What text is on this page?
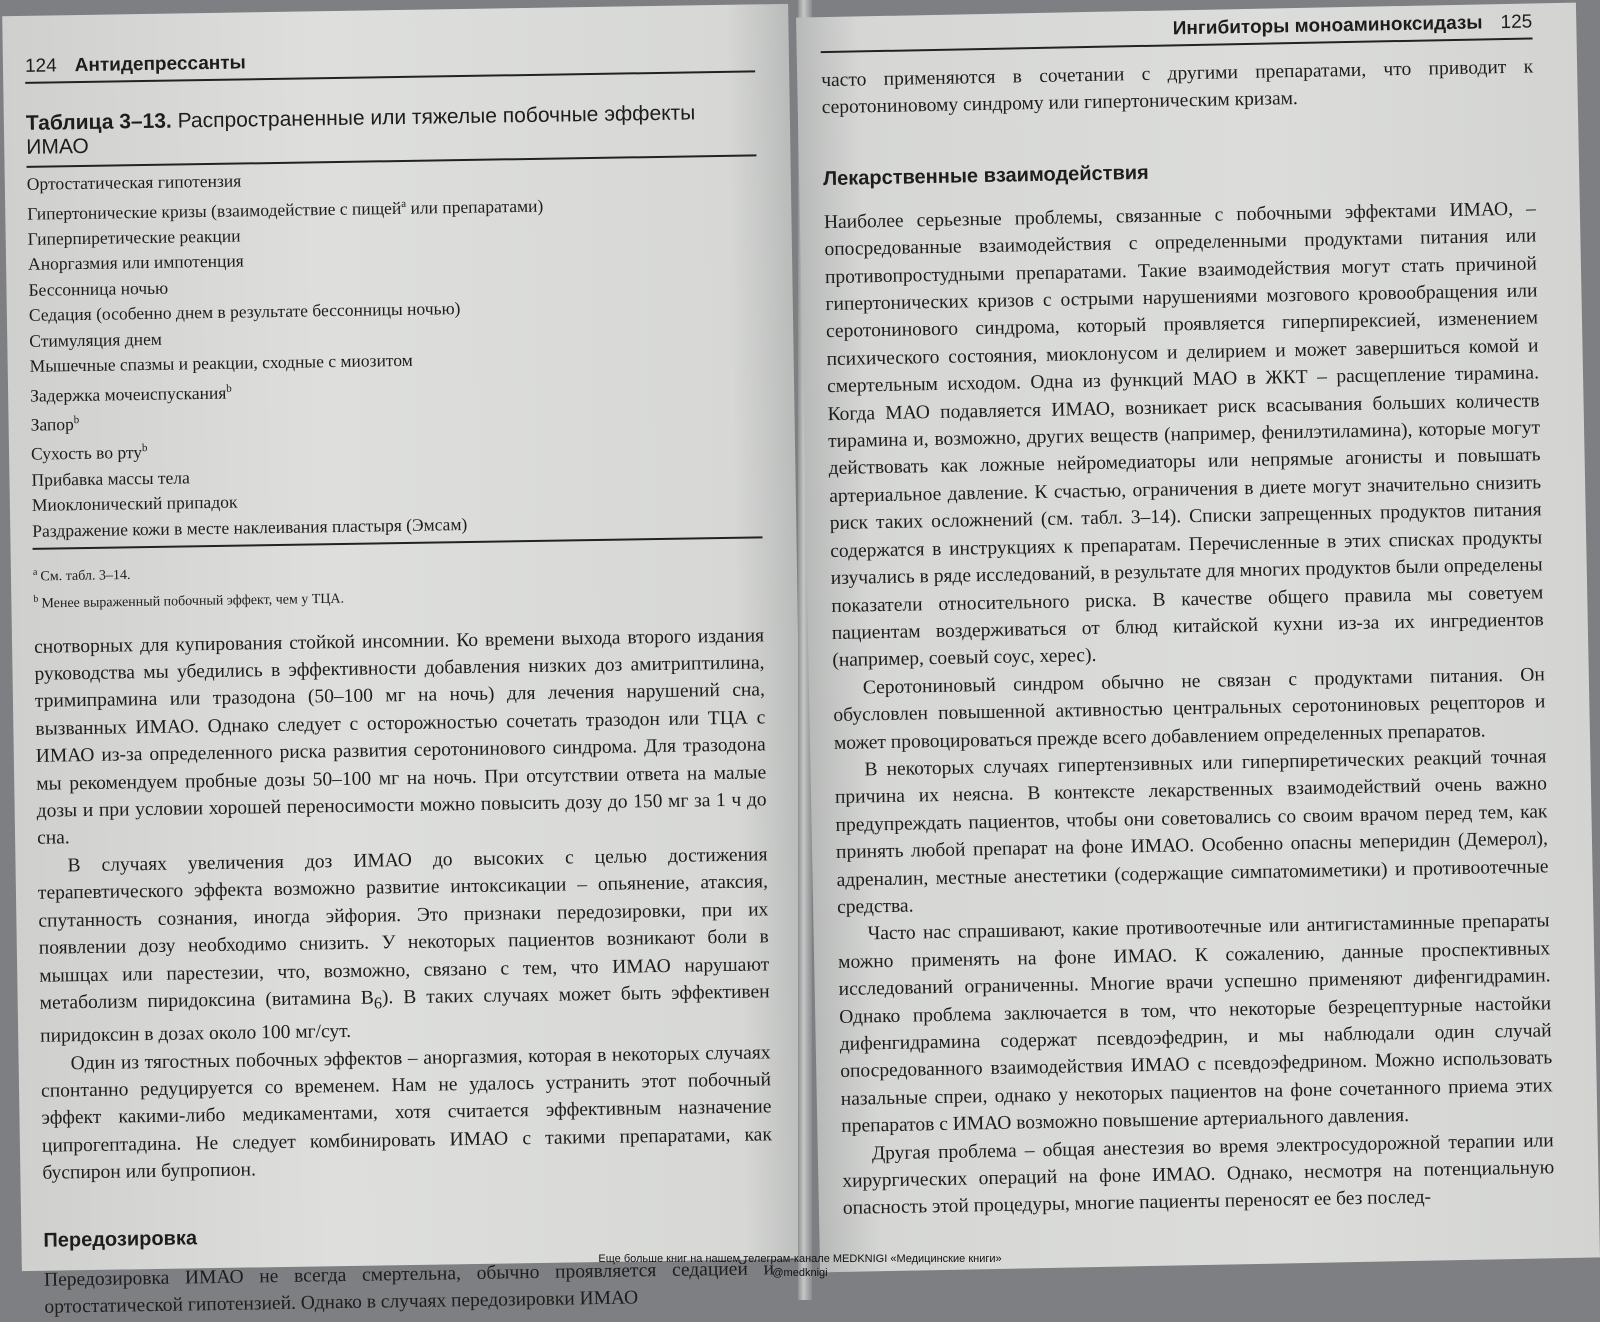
124 Антидепрессанты
Таблица 3–13. Распространенные или тяжелые побочные эффекты ИМАО
Ортостатическая гипотензия
Гипертонические кризы (взаимодействие с пищей$^a$ или препаратами)
Гиперпиретические реакции
Аноргазмия или импотенция
Бессонница ночью
Седация (особенно днем в результате бессонницы ночью)
Стимуляция днем
Мышечные спазмы и реакции, сходные с миозитом
Задержка мочеиспускания$^b$
Запор$^b$
Сухость во рту$^b$
Прибавка массы тела
Миоклонический припадок
Раздражение кожи в месте наклеивания пластыря (Эмсам)
$^a$ См. табл. 3–14.
$^b$ Менее выраженный побочный эффект, чем у ТЦА.

снотворных для купирования стойкой инсомнии. Ко времени выхода второго издания руководства мы убедились в эффективности добавления низких доз амитриптилина, тримипрамина или тразодона (50–100 мг на ночь) для лечения нарушений сна, вызванных ИМАО. Однако следует с осторожностью сочетать тразодон или ТЦА с ИМАО из-за определенного риска развития серотонинового синдрома. Для тразодона мы рекомендуем пробные дозы 50–100 мг на ночь. При отсутствии ответа на малые дозы и при условии хорошей переносимости можно повысить дозу до 150 мг за 1 ч до сна.

В случаях увеличения доз ИМАО до высоких с целью достижения терапевтического эффекта возможно развитие интоксикации – опьянение, атаксия, спутанность сознания, иногда эйфория. Это признаки передозировки, при их появлении дозу необходимо снизить. У некоторых пациентов возникают боли в мышцах или парестезии, что, возможно, связано с тем, что ИМАО нарушают метаболизм пиридоксина (витамина $B_6$). В таких случаях может быть эффективен пиридоксин в дозах около 100 мг/сут.

Один из тягостных побочных эффектов – аноргазмия, которая в некоторых случаях спонтанно редуцируется со временем. Нам не удалось устранить этот побочный эффект какими-либо медикаментами, хотя считается эффективным назначение ципрогептадина. Не следует комбинировать ИМАО с такими препаратами, как буспирон или бупропион.

Передозировка

Передозировка ИМАО не всегда смертельна, обычно проявляется седацией и ортостатической гипотензией. Однако в случаях передозировки ИМАО

Ингибиторы моноаминоксидазы 125

часто применяются в сочетании с другими препаратами, что приводит к серотониновому синдрому или гипертоническим кризам.

Лекарственные взаимодействия

Наиболее серьезные проблемы, связанные с побочными эффектами ИМАО, – опосредованные взаимодействия с определенными продуктами питания или противопростудными препаратами. Такие взаимодействия могут стать причиной гипертонических кризов с острыми нарушениями мозгового кровообращения или серотонинового синдрома, который проявляется гиперпирексией, изменением психического состояния, миоклонусом и делирием и может завершиться комой и смертельным исходом. Одна из функций МАО в ЖКТ – расщепление тирамина. Когда МАО подавляется ИМАО, возникает риск всасывания больших количеств тирамина и, возможно, других веществ (например, фенилэтиламина), которые могут действовать как ложные нейромедиаторы или непрямые агонисты и повышать артериальное давление. К счастью, ограничения в диете могут значительно снизить риск таких осложнений (см. табл. 3–14). Списки запрещенных продуктов питания содержатся в инструкциях к препаратам. Перечисленные в этих списках продукты изучались в ряде исследований, в результате для многих продуктов были определены показатели относительного риска. В качестве общего правила мы советуем пациентам воздерживаться от блюд китайской кухни из-за их ингредиентов (например, соевый соус, херес).

Серотониновый синдром обычно не связан с продуктами питания. Он обусловлен повышенной активностью центральных серотониновых рецепторов и может провоцироваться прежде всего добавлением определенных препаратов.

В некоторых случаях гипертензивных или гиперпиретических реакций точная причина их неясна. В контексте лекарственных взаимодействий очень важно предупреждать пациентов, чтобы они советовались со своим врачом перед тем, как принять любой препарат на фоне ИМАО. Особенно опасны меперидин (Демерол), адреналин, местные анестетики (содержащие симпатомиметики) и противоотечные средства.

Часто нас спрашивают, какие противоотечные или антигистаминные препараты можно применять на фоне ИМАО. К сожалению, данные проспективных исследований ограниченны. Многие врачи успешно применяют дифенгидрамин. Однако проблема заключается в том, что некоторые безрецептурные настойки дифенгидрамина содержат псевдоэфедрин, и мы наблюдали один случай опосредованного взаимодействия ИМАО с псевдоэфедрином. Можно использовать назальные спреи, однако у некоторых пациентов на фоне сочетанного приема этих препаратов с ИМАО возможно повышение артериального давления.

Другая проблема – общая анестезия во время электросудорожной терапии или хирургических операций на фоне ИМАО. Однако, несмотря на потенциальную опасность этой процедуры, многие пациенты переносят ее без послед-

Еще больше книг на нашем телеграм-канале MEDKNIGI «Медицинские книги»
@medknigi
